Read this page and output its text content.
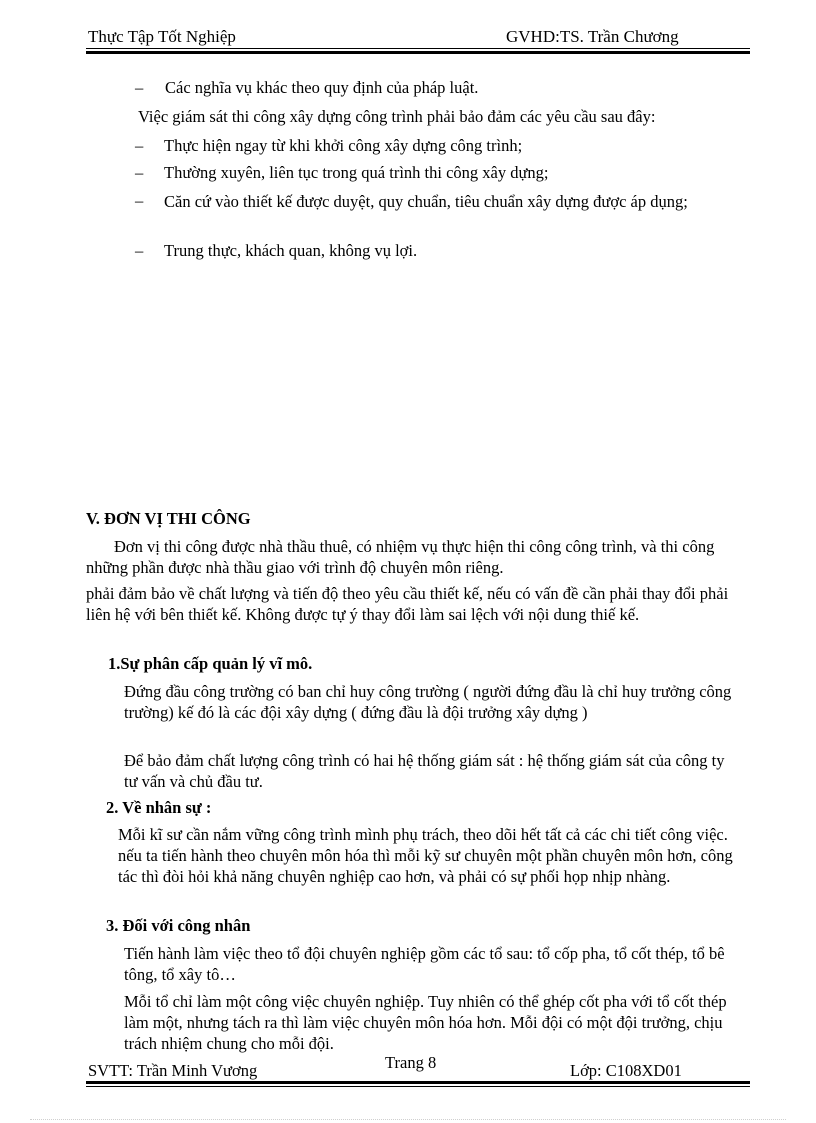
Thực Tập Tốt Nghiệp	GVHD:TS. Trần Chương
– Các nghĩa vụ khác theo quy định của pháp luật.
Việc giám sát thi công xây dựng công trình phải bảo đảm các yêu cầu sau đây:
– Thực hiện ngay từ khi khởi công xây dựng công trình;
– Thường xuyên, liên tục trong quá trình thi công xây dựng;
– Căn cứ vào thiết kế được duyệt, quy chuẩn, tiêu chuẩn xây dựng được áp dụng;
– Trung thực, khách quan, không vụ lợi.
V. ĐƠN VỊ THI CÔNG
Đơn vị thi công được nhà thầu thuê, có nhiệm vụ thực hiện thi công công trình, và thi công những phần được nhà thầu giao với trình độ chuyên môn riêng.
phải đảm bảo về chất lượng và tiến độ theo yêu cầu thiết kế, nếu có vấn đề cần phải thay đổi phải liên hệ với bên thiết kế. Không được tự ý thay đổi làm sai lệch với nội dung thiế kế.
1.Sự phân cấp quản lý vĩ mô.
Đứng đầu công trường có ban chỉ huy công trường ( người đứng đầu là chỉ huy trưởng công trường) kế đó là các đội xây dựng ( đứng đầu là đội trưởng xây dựng )
Để bảo đảm chất lượng công trình có hai hệ thống giám sát : hệ thống giám sát của công ty tư vấn và chủ đầu tư.
2. Về nhân sự :
Mỗi kĩ sư cần nắm vững công trình mình phụ trách, theo dõi hết tất cả các chi tiết công việc. nếu ta tiến hành theo chuyên môn hóa thì mỗi kỹ sư chuyên một phần chuyên môn hơn, công tác thì đòi hỏi khả năng chuyên nghiệp cao hơn, và phải có sự phối họp nhịp nhàng.
3. Đối với công nhân
Tiến hành làm việc theo tổ đội chuyên nghiệp gồm các tổ sau: tổ cốp pha, tổ cốt thép, tổ bê tông, tổ xây tô…
Mỗi tổ chỉ làm một công việc chuyên nghiệp. Tuy nhiên có thể ghép cốt pha với tổ cốt thép làm một, nhưng tách ra thì làm việc chuyên môn hóa hơn. Mỗi đội có một đội trưởng, chịu trách nhiệm chung cho mỗi đội.
Trang 8
SVTT: Trần Minh Vương	Lớp: C108XD01
